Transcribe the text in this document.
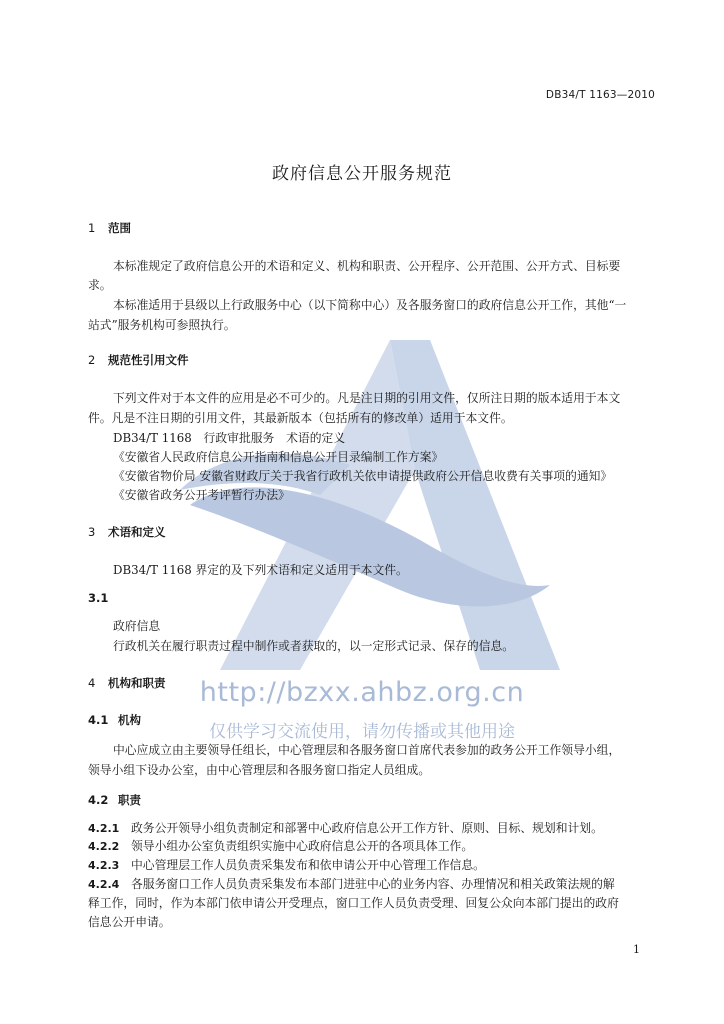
http://bzxx.ahbz.org.cn
仅供学习交流使用，请勿传播或其他用途
DB34/T 1163—2010
政府信息公开服务规范
1 范围
本标准规定了政府信息公开的术语和定义、机构和职责、公开程序、公开范围、公开方式、目标要
求。
本标准适用于县级以上行政服务中心（以下简称中心）及各服务窗口的政府信息公开工作，其他“一
站式”服务机构可参照执行。
2 规范性引用文件
下列文件对于本文件的应用是必不可少的。凡是注日期的引用文件，仅所注日期的版本适用于本文
件。凡是不注日期的引用文件，其最新版本（包括所有的修改单）适用于本文件。
DB34/T 1168　行政审批服务　术语的定义
《安徽省人民政府信息公开指南和信息公开目录编制工作方案》
《安徽省物价局 安徽省财政厅关于我省行政机关依申请提供政府公开信息收费有关事项的通知》
《安徽省政务公开考评暂行办法》
3 术语和定义
DB34/T 1168 界定的及下列术语和定义适用于本文件。
3.1
政府信息
行政机关在履行职责过程中制作或者获取的，以一定形式记录、保存的信息。
4 机构和职责
4.1 机构
中心应成立由主要领导任组长，中心管理层和各服务窗口首席代表参加的政务公开工作领导小组，
领导小组下设办公室，由中心管理层和各服务窗口指定人员组成。
4.2 职责
4.2.1 政务公开领导小组负责制定和部署中心政府信息公开工作方针、原则、目标、规划和计划。
4.2.2 领导小组办公室负责组织实施中心政府信息公开的各项具体工作。
4.2.3 中心管理层工作人员负责采集发布和依申请公开中心管理工作信息。
4.2.4 各服务窗口工作人员负责采集发布本部门进驻中心的业务内容、办理情况和相关政策法规的解
释工作，同时，作为本部门依申请公开受理点，窗口工作人员负责受理、回复公众向本部门提出的政府
信息公开申请。
1
